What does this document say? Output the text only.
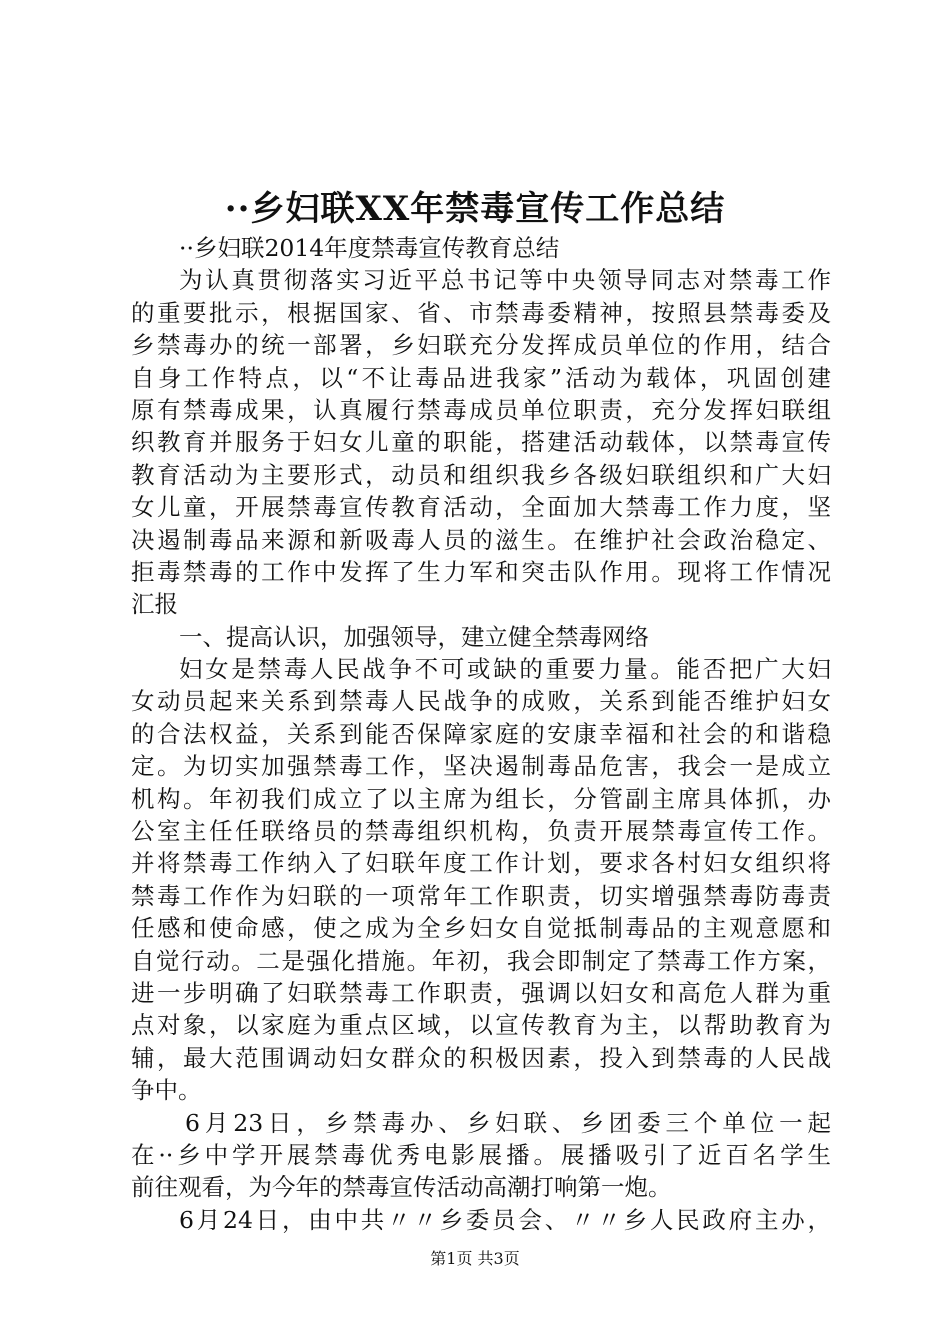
··乡妇联XX年禁毒宣传工作总结
··乡妇联2014年度禁毒宣传教育总结
为认真贯彻落实习近平总书记等中央领导同志对禁毒工作
的重要批示，根据国家、省、市禁毒委精神，按照县禁毒委及
乡禁毒办的统一部署，乡妇联充分发挥成员单位的作用，结合
自身工作特点，以“不让毒品进我家”活动为载体，巩固创建
原有禁毒成果，认真履行禁毒成员单位职责，充分发挥妇联组
织教育并服务于妇女儿童的职能，搭建活动载体，以禁毒宣传
教育活动为主要形式，动员和组织我乡各级妇联组织和广大妇
女儿童，开展禁毒宣传教育活动，全面加大禁毒工作力度，坚
决遏制毒品来源和新吸毒人员的滋生。在维护社会政治稳定、
拒毒禁毒的工作中发挥了生力军和突击队作用。现将工作情况
汇报
一、提高认识，加强领导，建立健全禁毒网络
妇女是禁毒人民战争不可或缺的重要力量。能否把广大妇
女动员起来关系到禁毒人民战争的成败，关系到能否维护妇女
的合法权益，关系到能否保障家庭的安康幸福和社会的和谐稳
定。为切实加强禁毒工作，坚决遏制毒品危害，我会一是成立
机构。年初我们成立了以主席为组长，分管副主席具体抓，办
公室主任任联络员的禁毒组织机构，负责开展禁毒宣传工作。
并将禁毒工作纳入了妇联年度工作计划，要求各村妇女组织将
禁毒工作作为妇联的一项常年工作职责，切实增强禁毒防毒责
任感和使命感，使之成为全乡妇女自觉抵制毒品的主观意愿和
自觉行动。二是强化措施。年初，我会即制定了禁毒工作方案，
进一步明确了妇联禁毒工作职责，强调以妇女和高危人群为重
点对象，以家庭为重点区域，以宣传教育为主，以帮助教育为
辅，最大范围调动妇女群众的积极因素，投入到禁毒的人民战
争中。
6月23日，乡禁毒办、乡妇联、乡团委三个单位一起
在··乡中学开展禁毒优秀电影展播。展播吸引了近百名学生
前往观看，为今年的禁毒宣传活动高潮打响第一炮。
6月24日，由中共〃〃乡委员会、〃〃乡人民政府主办，
第1页 共3页
